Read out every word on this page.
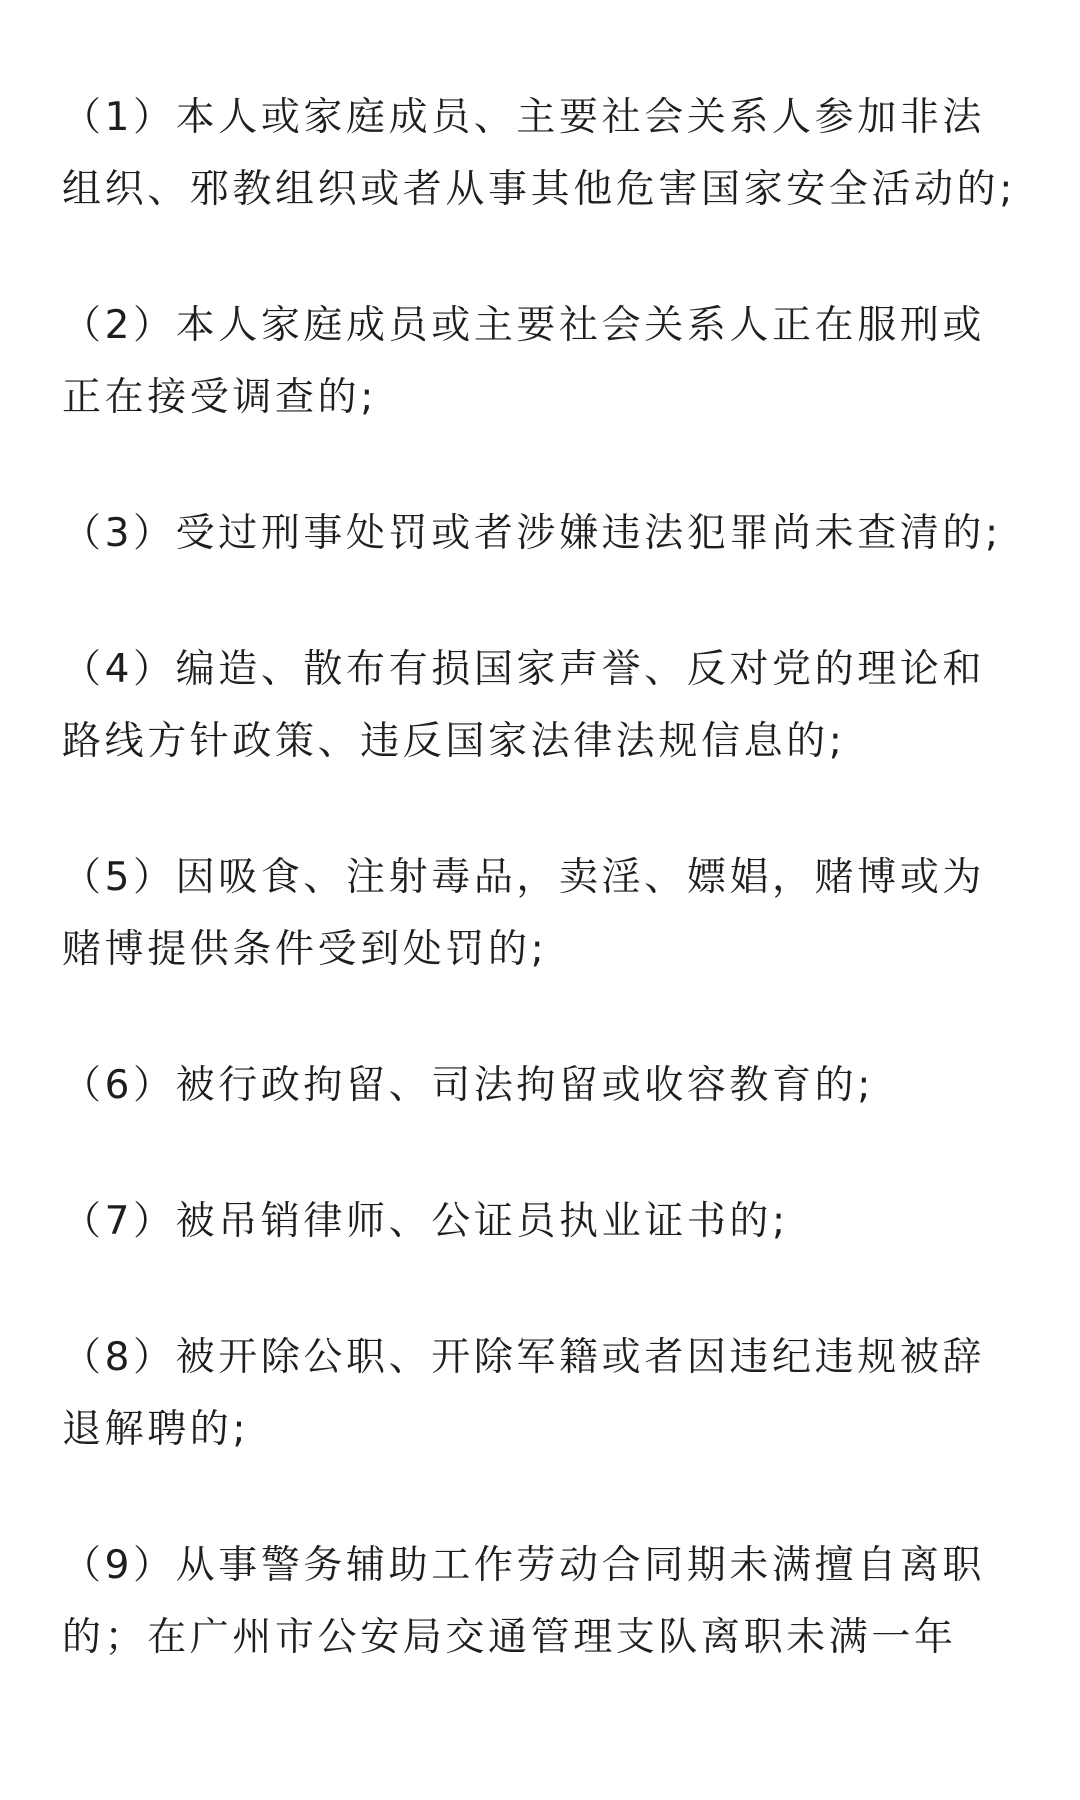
（1）本人或家庭成员、主要社会关系人参加非法组织、邪教组织或者从事其他危害国家安全活动的;

（2）本人家庭成员或主要社会关系人正在服刑或正在接受调查的;

（3）受过刑事处罚或者涉嫌违法犯罪尚未查清的;

（4）编造、散布有损国家声誉、反对党的理论和路线方针政策、违反国家法律法规信息的;

（5）因吸食、注射毒品，卖淫、嫖娼，赌博或为赌博提供条件受到处罚的;

（6）被行政拘留、司法拘留或收容教育的;

（7）被吊销律师、公证员执业证书的;

（8）被开除公职、开除军籍或者因违纪违规被辞退解聘的;

（9）从事警务辅助工作劳动合同期未满擅自离职的；在广州市公安局交通管理支队离职未满一年
